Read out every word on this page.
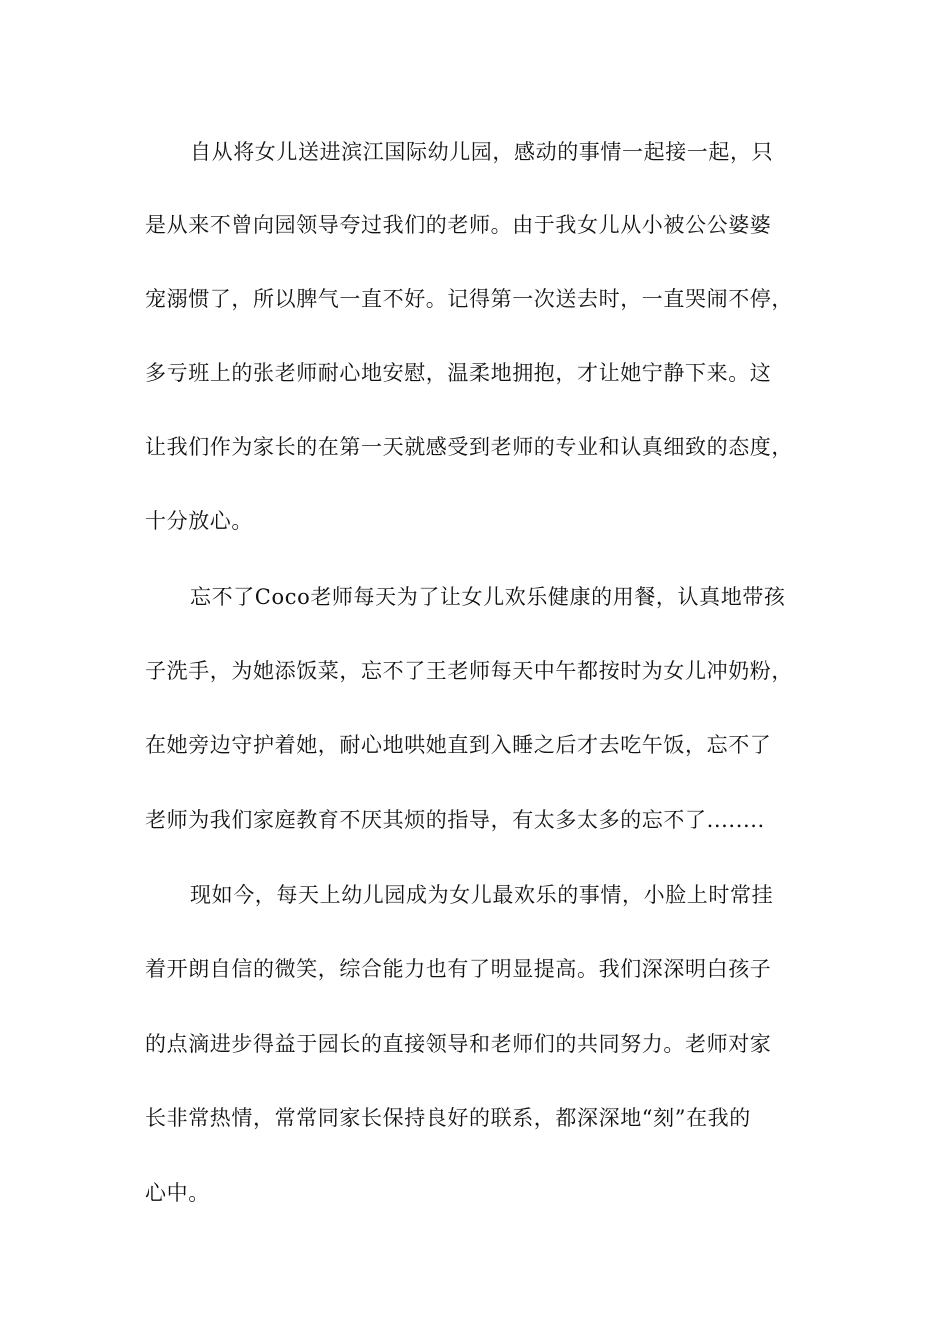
自从将女儿送进滨江国际幼儿园，感动的事情一起接一起，只
是从来不曾向园领导夸过我们的老师。由于我女儿从小被公公婆婆
宠溺惯了，所以脾气一直不好。记得第一次送去时，一直哭闹不停，
多亏班上的张老师耐心地安慰，温柔地拥抱，才让她宁静下来。这
让我们作为家长的在第一天就感受到老师的专业和认真细致的态度，
十分放心。
忘不了Coco老师每天为了让女儿欢乐健康的用餐，认真地带孩
子洗手，为她添饭菜，忘不了王老师每天中午都按时为女儿冲奶粉，
在她旁边守护着她，耐心地哄她直到入睡之后才去吃午饭，忘不了
老师为我们家庭教育不厌其烦的指导，有太多太多的忘不了........
现如今，每天上幼儿园成为女儿最欢乐的事情，小脸上时常挂
着开朗自信的微笑，综合能力也有了明显提高。我们深深明白孩子
的点滴进步得益于园长的直接领导和老师们的共同努力。老师对家
长非常热情，常常同家长保持良好的联系，都深深地“刻”在我的
心中。
